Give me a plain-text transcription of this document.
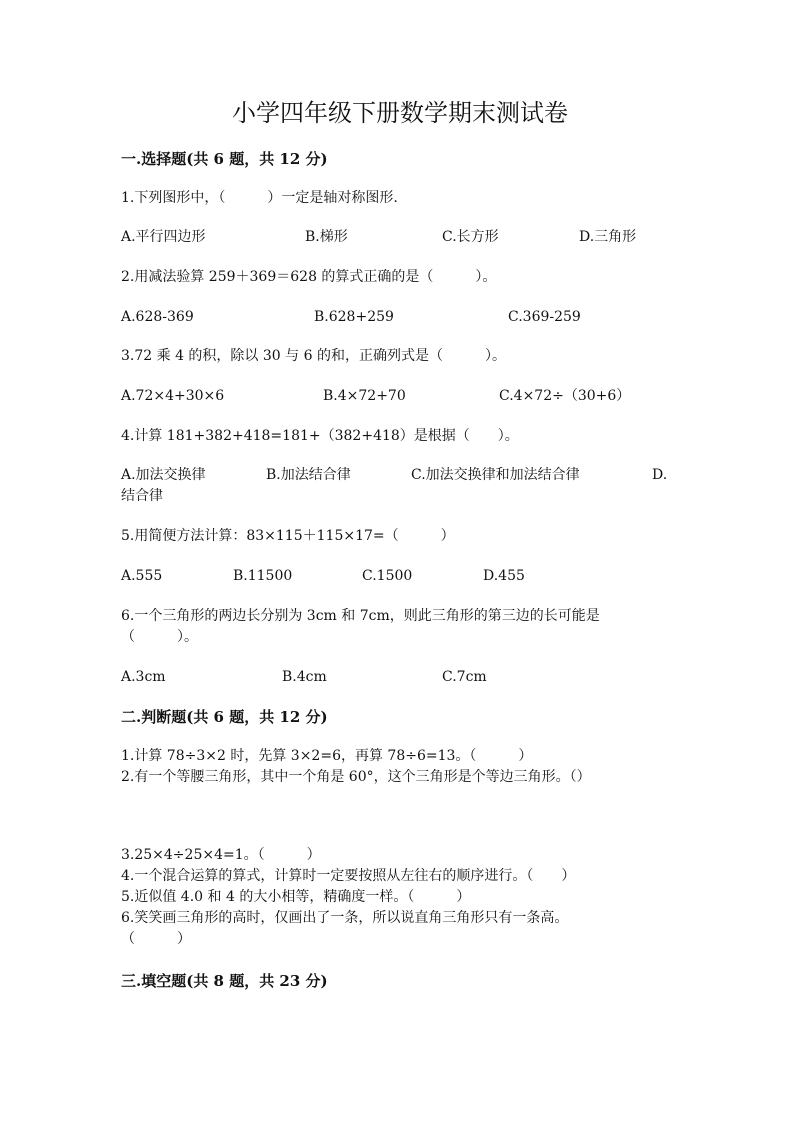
小学四年级下册数学期末测试卷
一.选择题(共 6 题，共 12 分)
1.下列图形中，（　　　）一定是轴对称图形.
A.平行四边形	B.梯形	C.长方形	D.三角形
2.用减法验算 259＋369＝628 的算式正确的是（　　　）。
A.628-369	B.628+259	C.369-259
3.72 乘 4 的积，除以 30 与 6 的和，正确列式是（　　　）。
A.72×4+30×6	B.4×72+70	C.4×72÷（30+6）
4.计算 181+382+418=181+（382+418）是根据（　　）。
A.加法交换律	B.加法结合律	C.加法交换律和加法结合律	D.
结合律
5.用简便方法计算：83×115＋115×17=（　　　）
A.555	B.11500	C.1500	D.455
6.一个三角形的两边长分别为 3cm 和 7cm，则此三角形的第三边的长可能是
（　　　）。
A.3cm	B.4cm	C.7cm
二.判断题(共 6 题，共 12 分)
1.计算 78÷3×2 时，先算 3×2=6，再算 78÷6=13。（　　　）
2.有一个等腰三角形，其中一个角是 60°，这个三角形是个等边三角形。（）
3.25×4÷25×4=1。（　　　）
4.一个混合运算的算式，计算时一定要按照从左往右的顺序进行。（　　）
5.近似值 4.0 和 4 的大小相等，精确度一样。（　　　）
6.笑笑画三角形的高时，仅画出了一条，所以说直角三角形只有一条高。
（　　　）
三.填空题(共 8 题，共 23 分)
